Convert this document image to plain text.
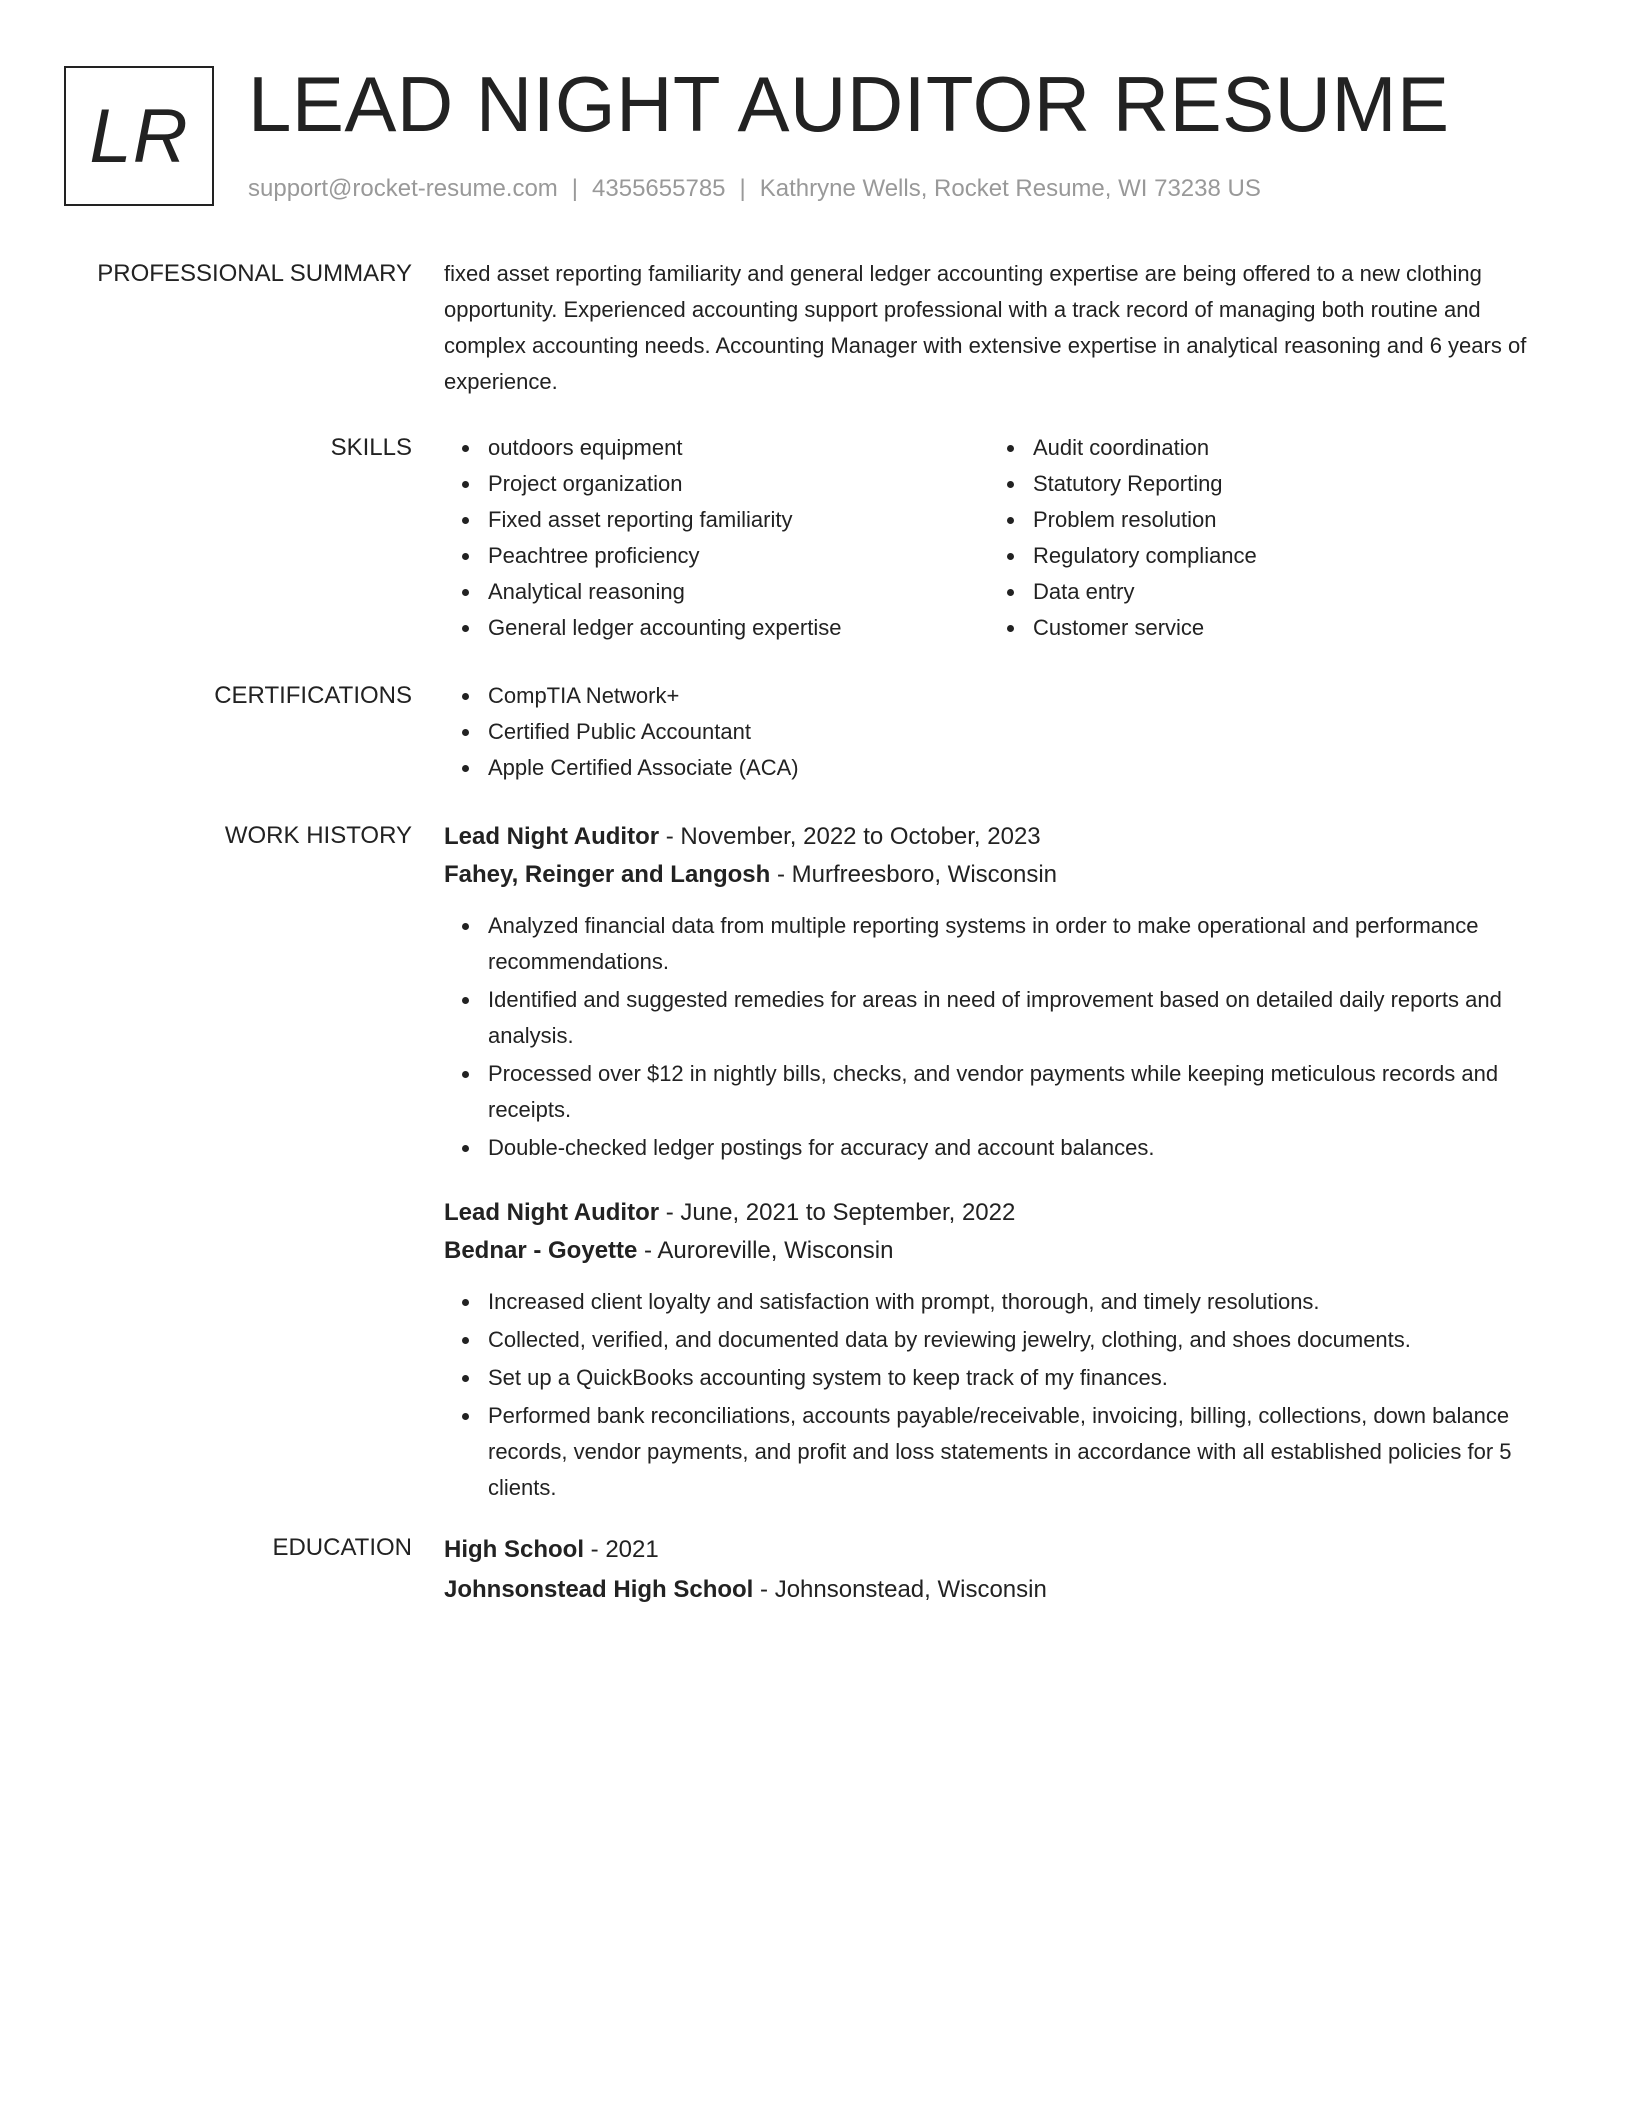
LR LEAD NIGHT AUDITOR RESUME
support@rocket-resume.com | 4355655785 | Kathryne Wells, Rocket Resume, WI 73238 US
PROFESSIONAL SUMMARY fixed asset reporting familiarity and general ledger accounting expertise are being offered to a new clothing opportunity. Experienced accounting support professional with a track record of managing both routine and complex accounting needs. Accounting Manager with extensive expertise in analytical reasoning and 6 years of experience.

SKILLS	outdoors equipment
Project organization
Fixed asset reporting familiarity
Peachtree proficiency
Analytical reasoning
General ledger accounting expertise
Audit coordination
Statutory Reporting
Problem resolution
Regulatory compliance
Data entry
Customer service
CERTIFICATIONS	CompTIA Network+
Certified Public Accountant
Apple Certified Associate (ACA)
WORK HISTORY Lead Night Auditor - November, 2022 to October, 2023
Fahey, Reinger and Langosh - Murfreesboro, Wisconsin
Analyzed financial data from multiple reporting systems in order to make operational and performance recommendations.
Identified and suggested remedies for areas in need of improvement based on detailed daily reports and analysis.
Processed over $12 in nightly bills, checks, and vendor payments while keeping meticulous records and receipts.
Double-checked ledger postings for accuracy and account balances.
Lead Night Auditor - June, 2021 to September, 2022
Bednar - Goyette - Auroreville, Wisconsin
Increased client loyalty and satisfaction with prompt, thorough, and timely resolutions.
Collected, verified, and documented data by reviewing jewelry, clothing, and shoes documents.
Set up a QuickBooks accounting system to keep track of my finances.
Performed bank reconciliations, accounts payable/receivable, invoicing, billing, collections, down balance records, vendor payments, and profit and loss statements in accordance with all established policies for 5 clients.
EDUCATION High School - 2021
Johnsonstead High School - Johnsonstead, Wisconsin
